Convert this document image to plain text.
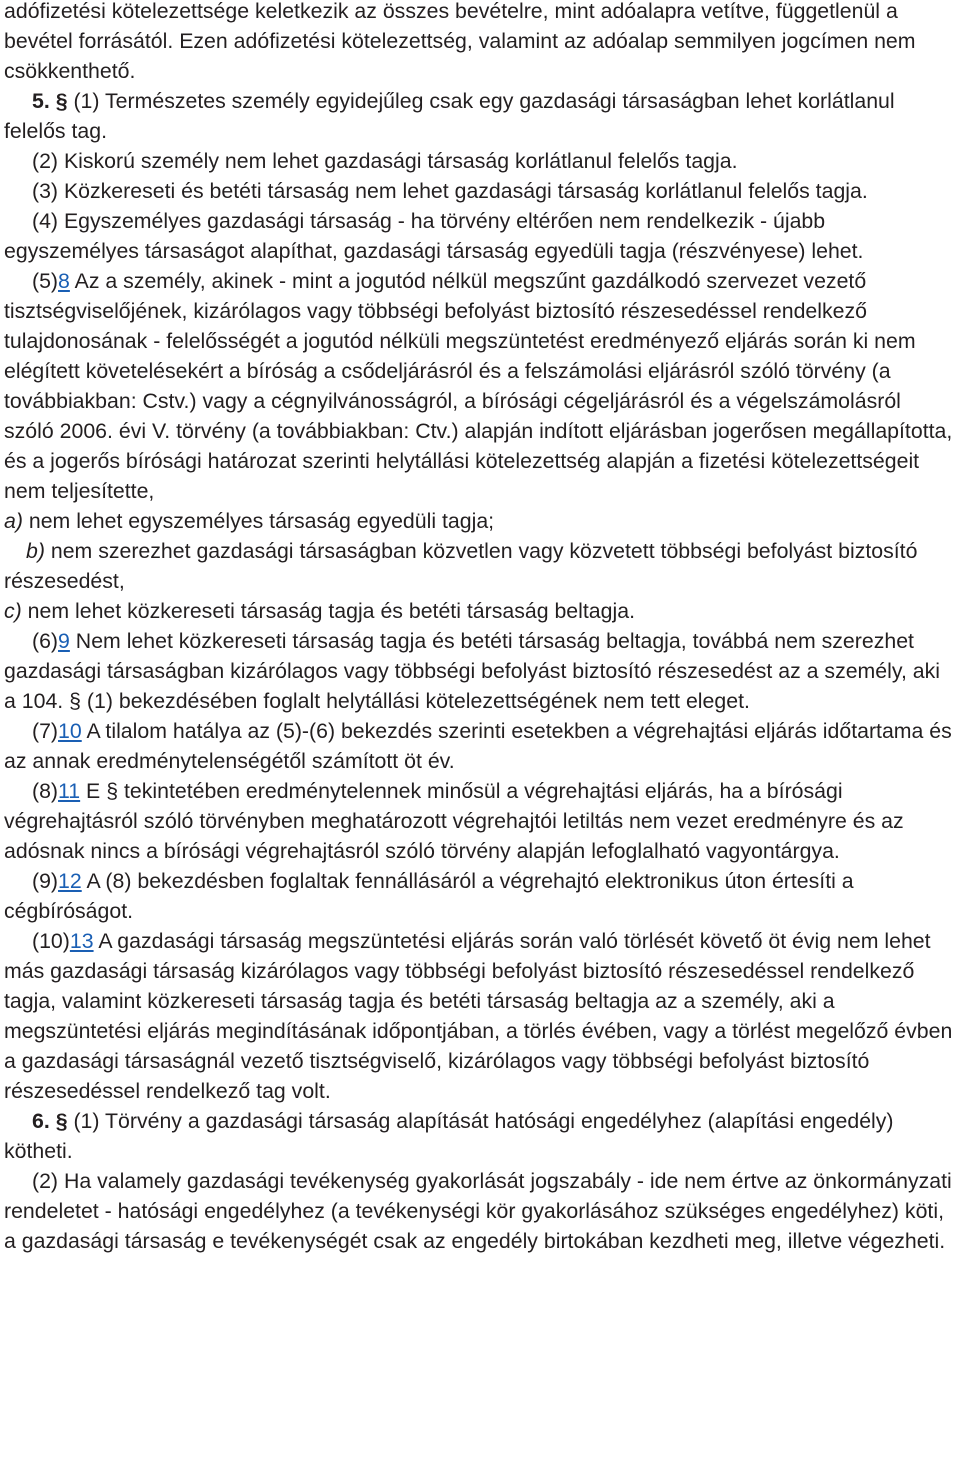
adófizetési kötelezettsége keletkezik az összes bevételre, mint adóalapra vetítve, függetlenül a bevétel forrásától. Ezen adófizetési kötelezettség, valamint az adóalap semmilyen jogcímen nem csökkenthető.

5. § (1) Természetes személy egyidejűleg csak egy gazdasági társaságban lehet korlátlanul felelős tag.

(2) Kiskorú személy nem lehet gazdasági társaság korlátlanul felelős tagja.

(3) Közkereseti és betéti társaság nem lehet gazdasági társaság korlátlanul felelős tagja.

(4) Egyszemélyes gazdasági társaság - ha törvény eltérően nem rendelkezik - újabb egyszemélyes társaságot alapíthat, gazdasági társaság egyedüli tagja (részvényese) lehet.

(5)8 Az a személy, akinek - mint a jogutód nélkül megszűnt gazdálkodó szervezet vezető tisztségviselőjének, kizárólagos vagy többségi befolyást biztosító részesedéssel rendelkező tulajdonosának - felelősségét a jogutód nélküli megszüntetést eredményező eljárás során ki nem elégített követelésekért a bíróság a csődeljárásról és a felszámolási eljárásról szóló törvény (a továbbiakban: Cstv.) vagy a cégnyilvánosságról, a bírósági cégeljárásról és a végelszámolásról szóló 2006. évi V. törvény (a továbbiakban: Ctv.) alapján indított eljárásban jogerősen megállapította, és a jogerős bírósági határozat szerinti helytállási kötelezettség alapján a fizetési kötelezettségeit nem teljesítette,

a) nem lehet egyszemélyes társaság egyedüli tagja;

b) nem szerezhet gazdasági társaságban közvetlen vagy közvetett többségi befolyást biztosító részesedést,

c) nem lehet közkereseti társaság tagja és betéti társaság beltagja.

(6)9 Nem lehet közkereseti társaság tagja és betéti társaság beltagja, továbbá nem szerezhet gazdasági társaságban kizárólagos vagy többségi befolyást biztosító részesedést az a személy, aki a 104. § (1) bekezdésében foglalt helytállási kötelezettségének nem tett eleget.

(7)10 A tilalom hatálya az (5)-(6) bekezdés szerinti esetekben a végrehajtási eljárás időtartama és az annak eredménytelenségétől számított öt év.

(8)11 E § tekintetében eredménytelennek minősül a végrehajtási eljárás, ha a bírósági végrehajtásról szóló törvényben meghatározott végrehajtói letiltás nem vezet eredményre és az adósnak nincs a bírósági végrehajtásról szóló törvény alapján lefoglalható vagyontárgya.

(9)12 A (8) bekezdésben foglaltak fennállásáról a végrehajtó elektronikus úton értesíti a cégbíróságot.

(10)13 A gazdasági társaság megszüntetési eljárás során való törlését követő öt évig nem lehet más gazdasági társaság kizárólagos vagy többségi befolyást biztosító részesedéssel rendelkező tagja, valamint közkereseti társaság tagja és betéti társaság beltagja az a személy, aki a megszüntetési eljárás megindításának időpontjában, a törlés évében, vagy a törlést megelőző évben a gazdasági társaságnál vezető tisztségviselő, kizárólagos vagy többségi befolyást biztosító részesedéssel rendelkező tag volt.

6. § (1) Törvény a gazdasági társaság alapítását hatósági engedélyhez (alapítási engedély) kötheti.

(2) Ha valamely gazdasági tevékenység gyakorlását jogszabály - ide nem értve az önkormányzati rendeletet - hatósági engedélyhez (a tevékenységi kör gyakorlásához szükséges engedélyhez) köti, a gazdasági társaság e tevékenységét csak az engedély birtokában kezdheti meg, illetve végezheti.
